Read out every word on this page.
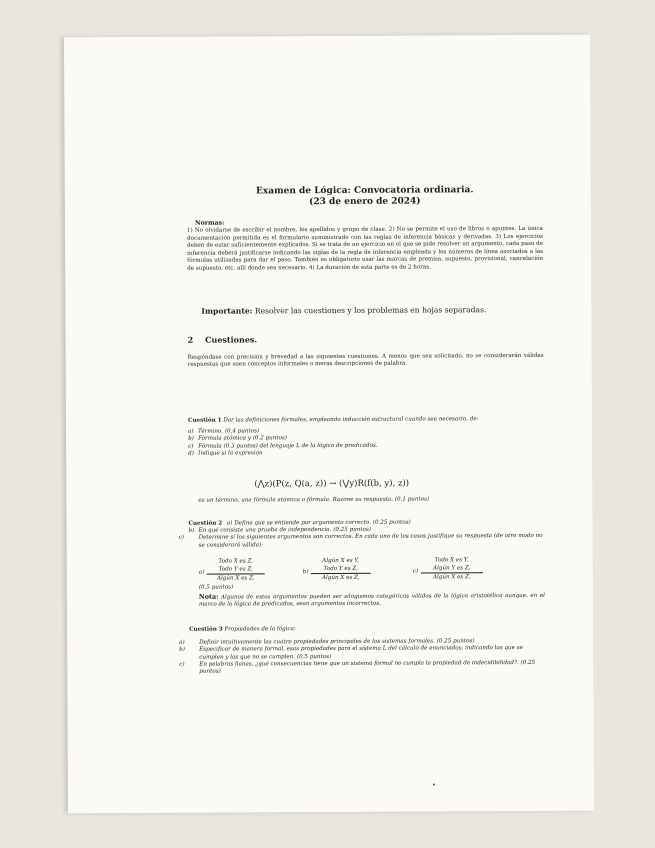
Examen de Lógica: Convocatoria ordinaria.
(23 de enero de 2024)
Normas:
1) No olvidarse de escribir el nombre, los apellidos y grupo de clase. 2) No se permite el uso de libros o apuntes. La única documentación permitida es el formulario suministrado con las reglas de inferencia básicas y derivadas. 3) Los ejercicios deben de estar suficientemente explicados. Si se trata de un ejercicio en el que se pide resolver un argumento, cada paso de inferencia deberá justificarse indicando las siglas de la regla de inferencia empleada y los números de línea asociados a las fórmulas utilizadas para dar el paso. También es obligatorio usar las marcas de premisa, supuesto, provisional, cancelación de supuesto, etc. allí donde sea necesario. 4) La duración de esta parte es de 2 horas.
Importante: Resolver las cuestiones y los problemas en hojas separadas.
2 Cuestiones.
Respóndase con precisión y brevedad a las siguientes cuestiones. A menos que sea solicitado, no se considerarán válidas respuestas que usen conceptos informales o meras descripciones de palabra.
Cuestión 1 Dar las definiciones formales, empleando inducción estructural cuando sea necesario, de:
a) Término. (0.4 puntos)
b) Fórmula atómica y (0.2 puntos)
c) Fórmula (0.3 puntos) del lenguaje L de la lógica de predicados.
d) Indique si la expresión
(⋀z)(P(z, Q(a, z)) → (⋁y)R(f(b, y), z))
es un término, una fórmula atómica o fórmula. Razone su respuesta. (0.1 puntos)
Cuestión 2 a) Defina que se entiende por argumento correcto. (0.25 puntos)
b) En qué consiste una prueba de independencia. (0.25 puntos)
c)	Determine si los siguientes argumentos son correctos. En cada uno de los casos justifique su respuesta (de otro modo no se considerará válida):
a)
Todo X es Z,
Todo Y es Z,
Algún X es Z,
b)
Algún X es Y,
Todo Y es Z,
Algún X es Z,
c)
Todo X es Y,
Algún Y es Z,
Algún X es Z,
(0.5 puntos)
Nota: Algunos de estos argumentos pueden ser silogismos categóricos válidos de la lógica aristotélica aunque, en el marco de la lógica de predicados, sean argumentos incorrectos.
Cuestión 3 Propiedades de la lógica:
a)	Definir intuitivamente las cuatro propiedades principales de los sistemas formales. (0.25 puntos)
b)	Especificar de manera formal, esas propiedades para el sistema L del cálculo de enunciados: indicando las que se cumplen y las que no se cumplen. (0.5 puntos)
c)	En palabras llanas, ¿qué consecuencias tiene que un sistema formal no cumpla la propiedad de indecidibilidad?. (0.25 puntos)
